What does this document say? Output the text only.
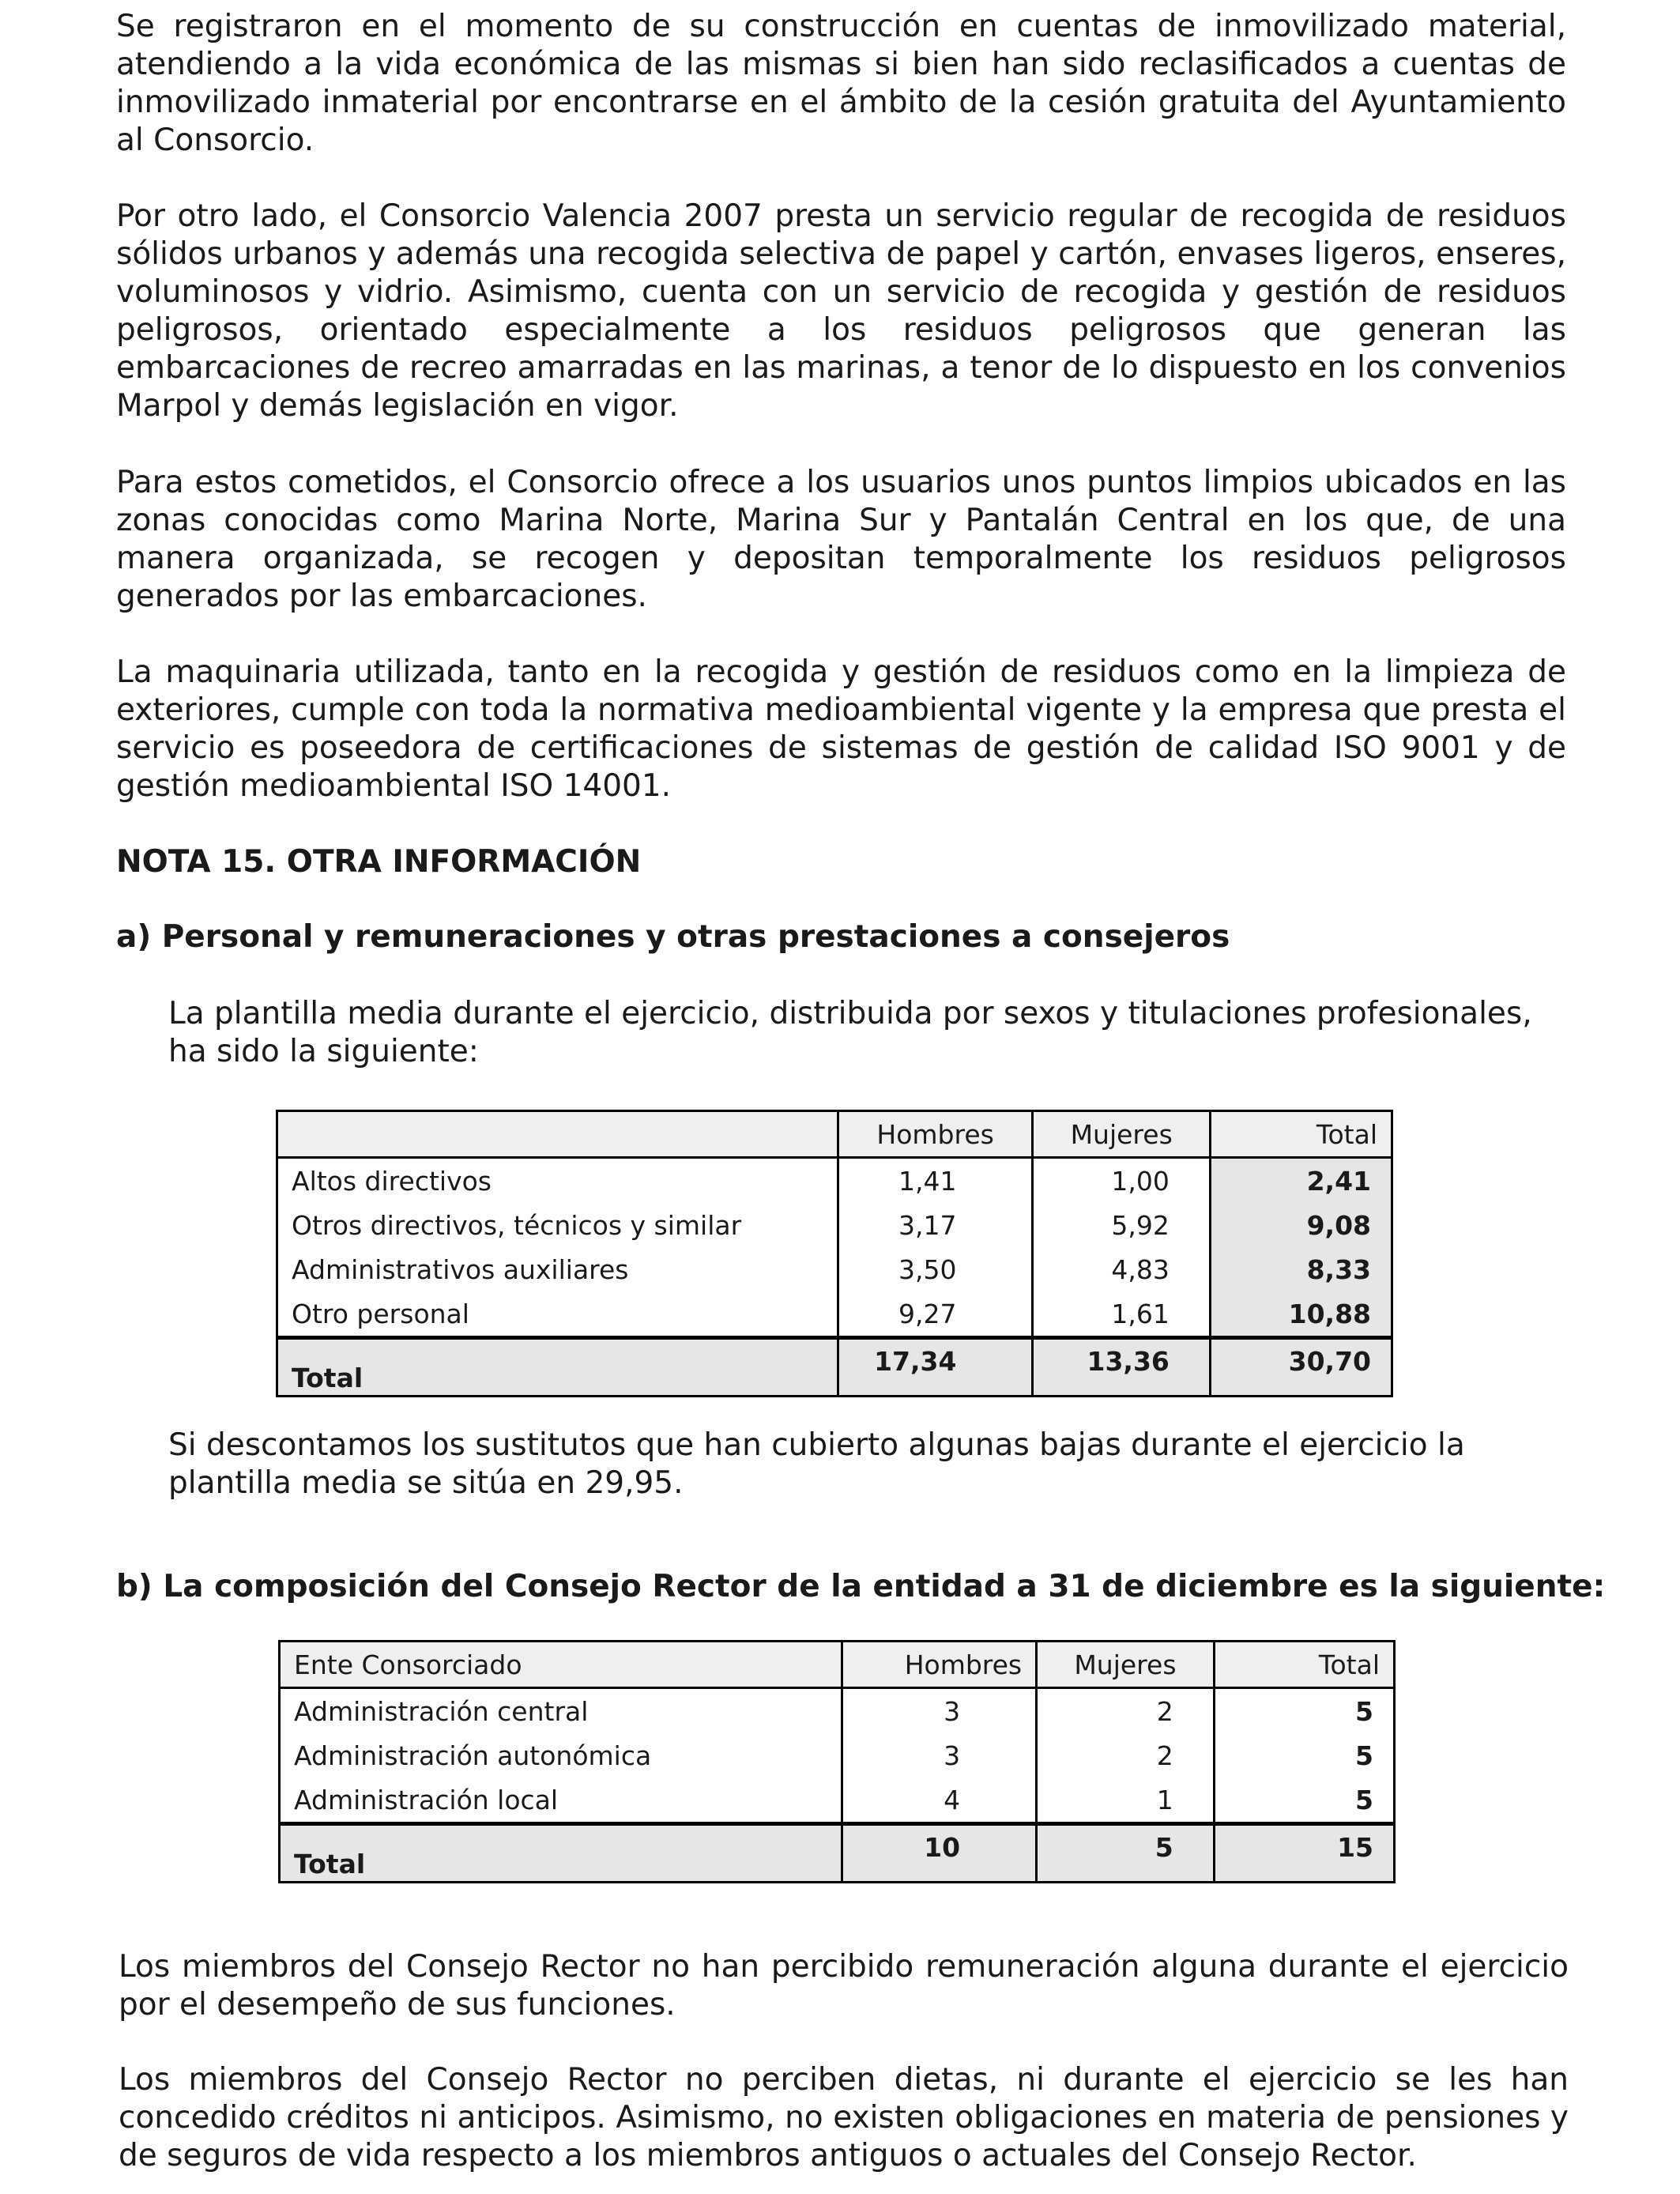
Se registraron en el momento de su construcción en cuentas de inmovilizado material, atendiendo a la vida económica de las mismas si bien han sido reclasificados a cuentas de inmovilizado inmaterial por encontrarse en el ámbito de la cesión gratuita del Ayuntamiento al Consorcio.

Por otro lado, el Consorcio Valencia 2007 presta un servicio regular de recogida de residuos sólidos urbanos y además una recogida selectiva de papel y cartón, envases ligeros, enseres, voluminosos y vidrio. Asimismo, cuenta con un servicio de recogida y gestión de residuos peligrosos, orientado especialmente a los residuos peligrosos que generan las embarcaciones de recreo amarradas en las marinas, a tenor de lo dispuesto en los convenios Marpol y demás legislación en vigor.

Para estos cometidos, el Consorcio ofrece a los usuarios unos puntos limpios ubicados en las zonas conocidas como Marina Norte, Marina Sur y Pantalán Central en los que, de una manera organizada, se recogen y depositan temporalmente los residuos peligrosos generados por las embarcaciones.

La maquinaria utilizada, tanto en la recogida y gestión de residuos como en la limpieza de exteriores, cumple con toda la normativa medioambiental vigente y la empresa que presta el servicio es poseedora de certificaciones de sistemas de gestión de calidad ISO 9001 y de gestión medioambiental ISO 14001.

NOTA 15. OTRA INFORMACIÓN
a) Personal y remuneraciones y otras prestaciones a consejeros

La plantilla media durante el ejercicio, distribuida por sexos y titulaciones profesionales, ha sido la siguiente:

	Hombres	Mujeres	Total
Altos directivos	1,41	1,00	2,41
Otros directivos, técnicos y similar	3,17	5,92	9,08
Administrativos auxiliares	3,50	4,83	8,33
Otro personal	9,27	1,61	10,88
Total	17,34	13,36	30,70

Si descontamos los sustitutos que han cubierto algunas bajas durante el ejercicio la plantilla media se sitúa en 29,95.

b) La composición del Consejo Rector de la entidad a 31 de diciembre es la siguiente:
Ente Consorciado	Hombres	Mujeres	Total
Administración central	3	2	5
Administración autonómica	3	2	5
Administración local	4	1	5
Total	10	5	15

Los miembros del Consejo Rector no han percibido remuneración alguna durante el ejercicio por el desempeño de sus funciones.

Los miembros del Consejo Rector no perciben dietas, ni durante el ejercicio se les han concedido créditos ni anticipos. Asimismo, no existen obligaciones en materia de pensiones y de seguros de vida respecto a los miembros antiguos o actuales del Consejo Rector.
